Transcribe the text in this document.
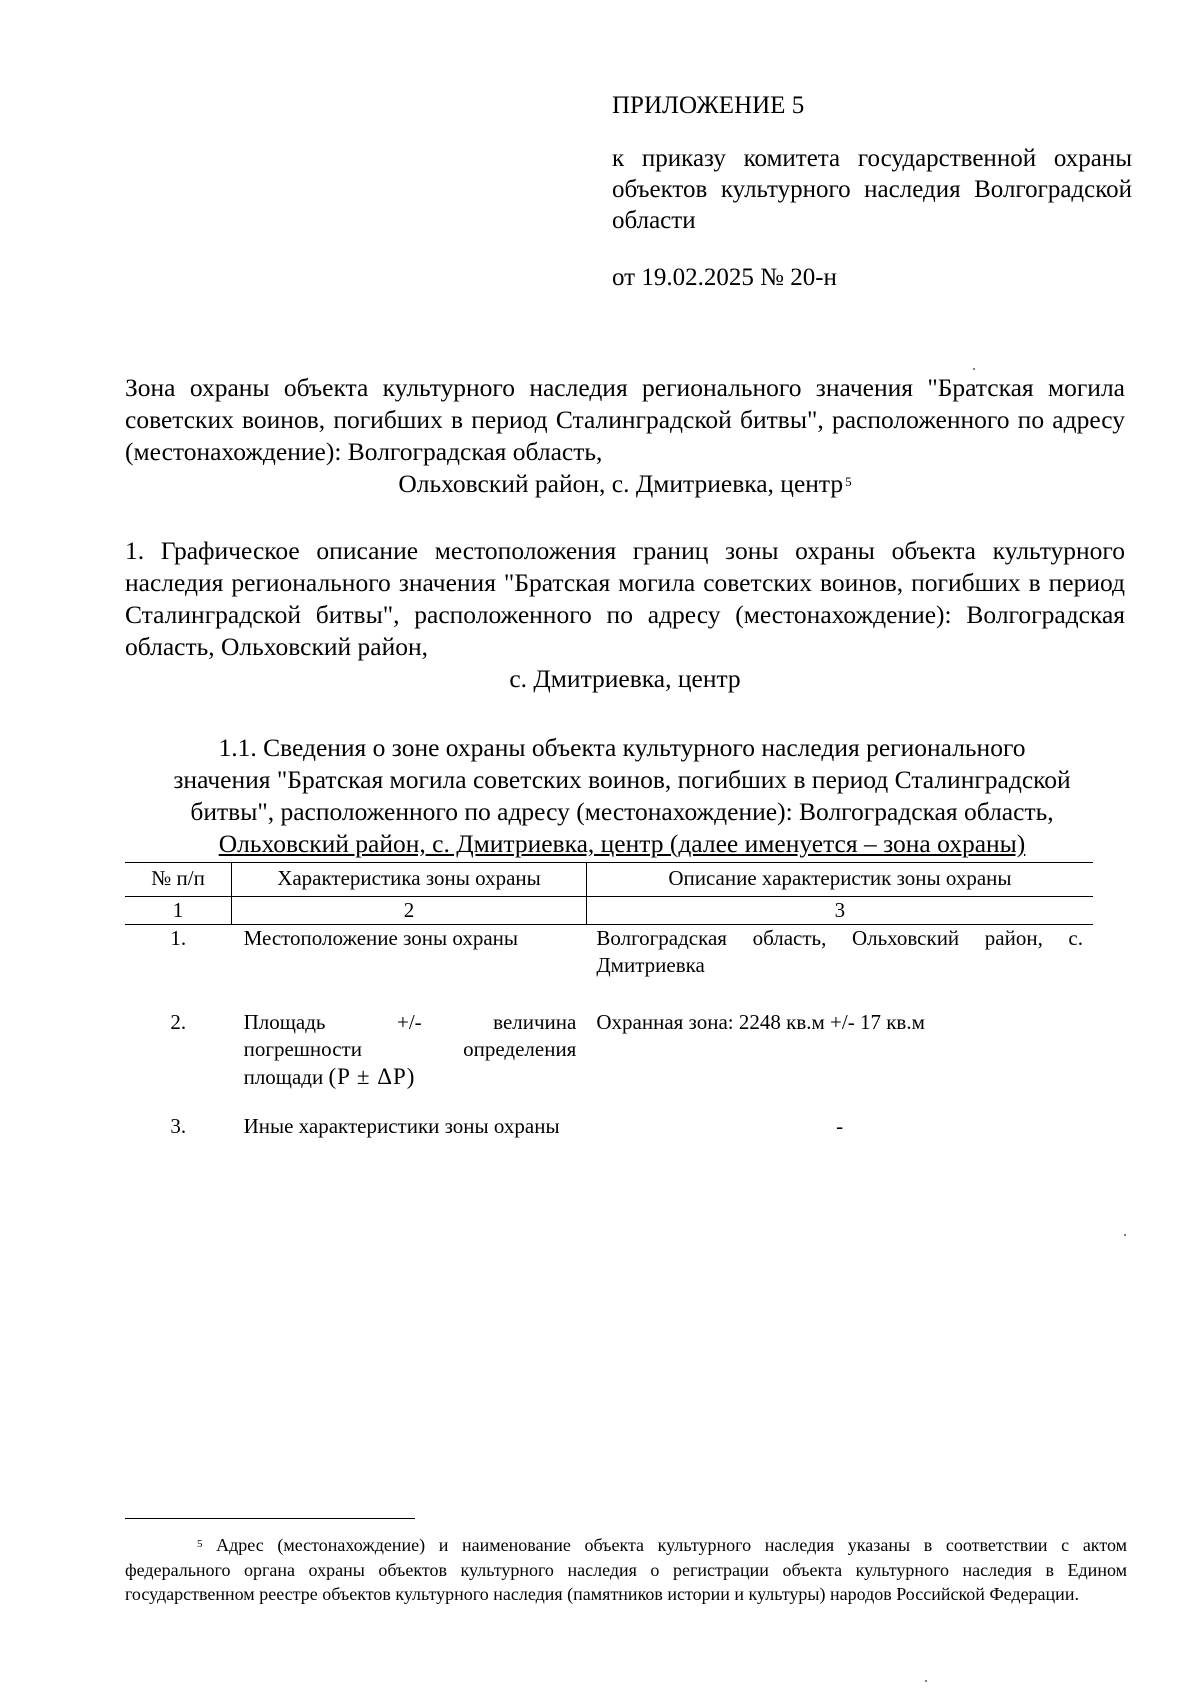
ПРИЛОЖЕНИЕ 5
к приказу комитета государственной охраны объектов культурного наследия Волгоградской области
от 19.02.2025 № 20-н
Зона охраны объекта культурного наследия регионального значения "Братская могила советских воинов, погибших в период Сталинградской битвы", расположенного по адресу (местонахождение): Волгоградская область,
Ольховский район, с. Дмитриевка, центр $^5$
1. Графическое описание местоположения границ зоны охраны объекта культурного наследия регионального значения "Братская могила советских воинов, погибших в период Сталинградской битвы", расположенного по адресу (местонахождение): Волгоградская область, Ольховский район,
с. Дмитриевка, центр
1.1. Сведения о зоне охраны объекта культурного наследия регионального
значения "Братская могила советских воинов, погибших в период Сталинградской
битвы", расположенного по адресу (местонахождение): Волгоградская область,
Ольховский район, с. Дмитриевка, центр (далее именуется – зона охраны)
№ п/п	Характеристика зоны охраны	Описание характеристик зоны охраны
1	2	3
1.	Местоположение зоны охраны	Волгоградская область, Ольховский район, с. Дмитриевка
2.	Площадь +/- величина
погрешности определения
площади (P ± ΔP)	Охранная зона: 2248 кв.м +/- 17 кв.м
3.	Иные характеристики зоны охраны	-
$^5$ Адрес (местонахождение) и наименование объекта культурного наследия указаны в соответствии с актом федерального органа охраны объектов культурного наследия о регистрации объекта культурного наследия в Едином государственном реестре объектов культурного наследия (памятников истории и культуры) народов Российской Федерации.
